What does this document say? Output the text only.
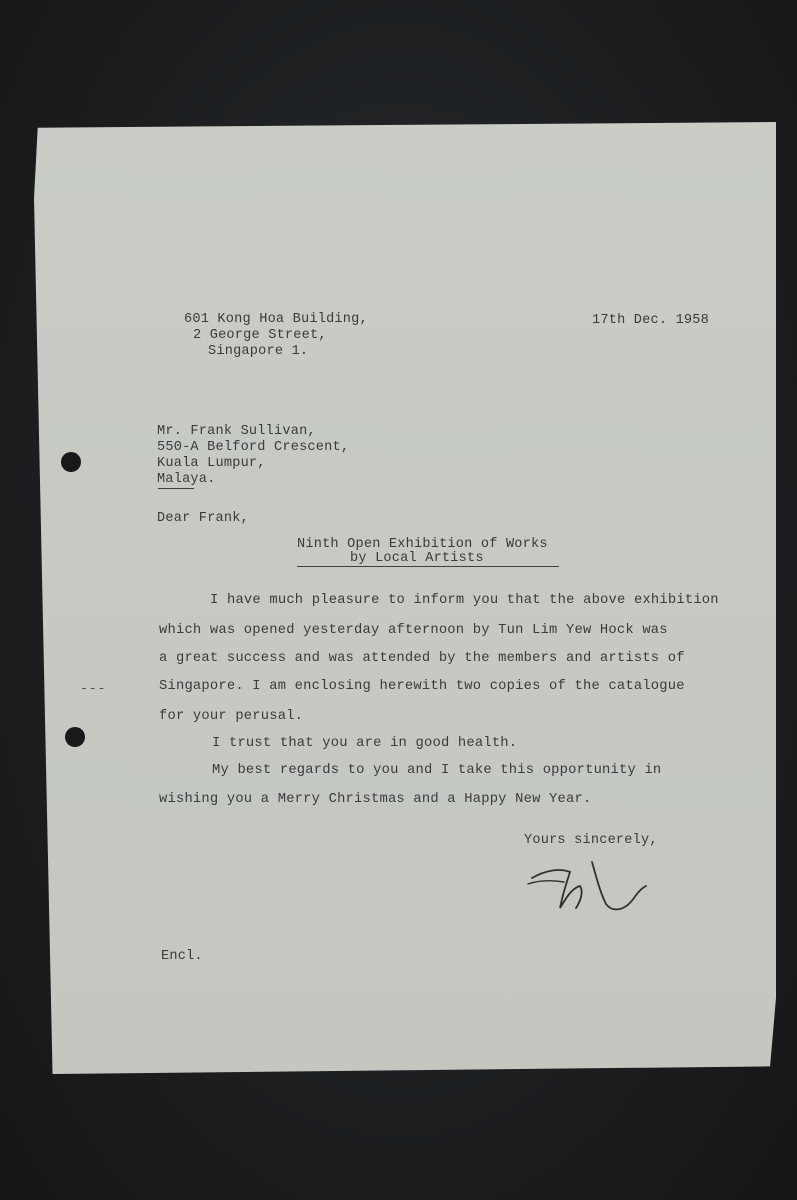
601 Kong Hoa Building,
2 George Street,
Singapore 1.
17th Dec. 1958
Mr. Frank Sullivan,
550-A Belford Crescent,
Kuala Lumpur,
Malaya.
Dear Frank,
Ninth Open Exhibition of Works
by Local Artists
I have much pleasure to inform you that the above exhibition
which was opened yesterday afternoon by Tun Lim Yew Hock was
a great success and was attended by the members and artists of
Singapore. I am enclosing herewith two copies of the catalogue
for your perusal.
I trust that you are in good health.
My best regards to you and I take this opportunity in
wishing you a Merry Christmas and a Happy New Year.
---
Yours sincerely,
Encl.
